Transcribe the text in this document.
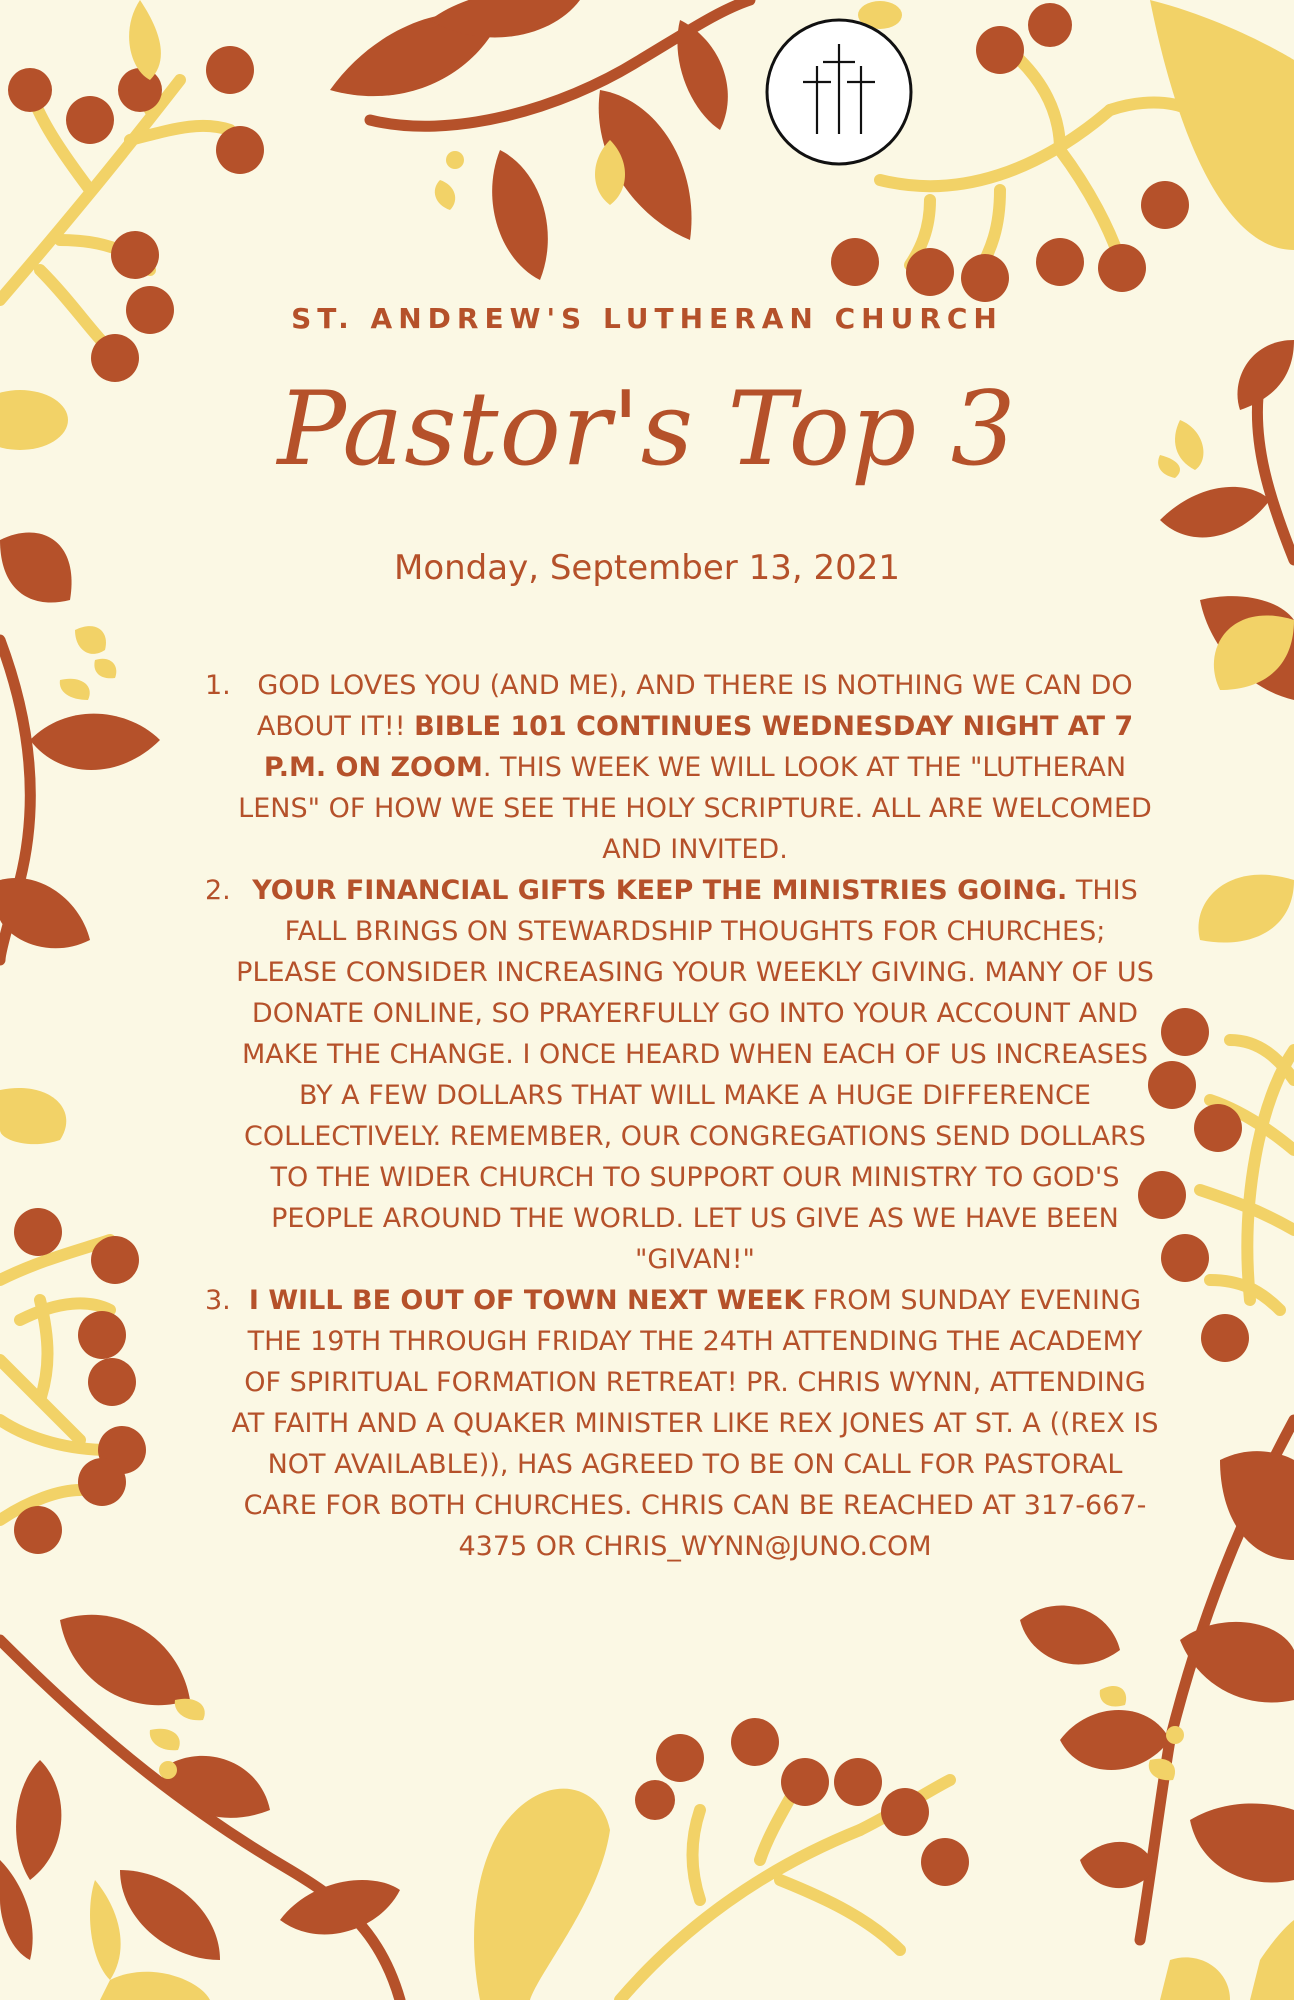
ST. ANDREW'S LUTHERAN CHURCH
Pastor's Top 3
Monday, September 13, 2021
1. GOD LOVES YOU (AND ME), AND THERE IS NOTHING WE CAN DO ABOUT IT!! BIBLE 101 CONTINUES WEDNESDAY NIGHT AT 7 P.M. ON ZOOM. THIS WEEK WE WILL LOOK AT THE "LUTHERAN LENS" OF HOW WE SEE THE HOLY SCRIPTURE. ALL ARE WELCOMED AND INVITED.
2. YOUR FINANCIAL GIFTS KEEP THE MINISTRIES GOING. THIS FALL BRINGS ON STEWARDSHIP THOUGHTS FOR CHURCHES; PLEASE CONSIDER INCREASING YOUR WEEKLY GIVING. MANY OF US DONATE ONLINE, SO PRAYERFULLY GO INTO YOUR ACCOUNT AND MAKE THE CHANGE. I ONCE HEARD WHEN EACH OF US INCREASES BY A FEW DOLLARS THAT WILL MAKE A HUGE DIFFERENCE COLLECTIVELY. REMEMBER, OUR CONGREGATIONS SEND DOLLARS TO THE WIDER CHURCH TO SUPPORT OUR MINISTRY TO GOD'S PEOPLE AROUND THE WORLD. LET US GIVE AS WE HAVE BEEN "GIVAN!"
3. I WILL BE OUT OF TOWN NEXT WEEK FROM SUNDAY EVENING THE 19TH THROUGH FRIDAY THE 24TH ATTENDING THE ACADEMY OF SPIRITUAL FORMATION RETREAT! PR. CHRIS WYNN, ATTENDING AT FAITH AND A QUAKER MINISTER LIKE REX JONES AT ST. A ((REX IS NOT AVAILABLE)), HAS AGREED TO BE ON CALL FOR PASTORAL CARE FOR BOTH CHURCHES. CHRIS CAN BE REACHED AT 317-667-4375 OR CHRIS_WYNN@JUNO.COM
